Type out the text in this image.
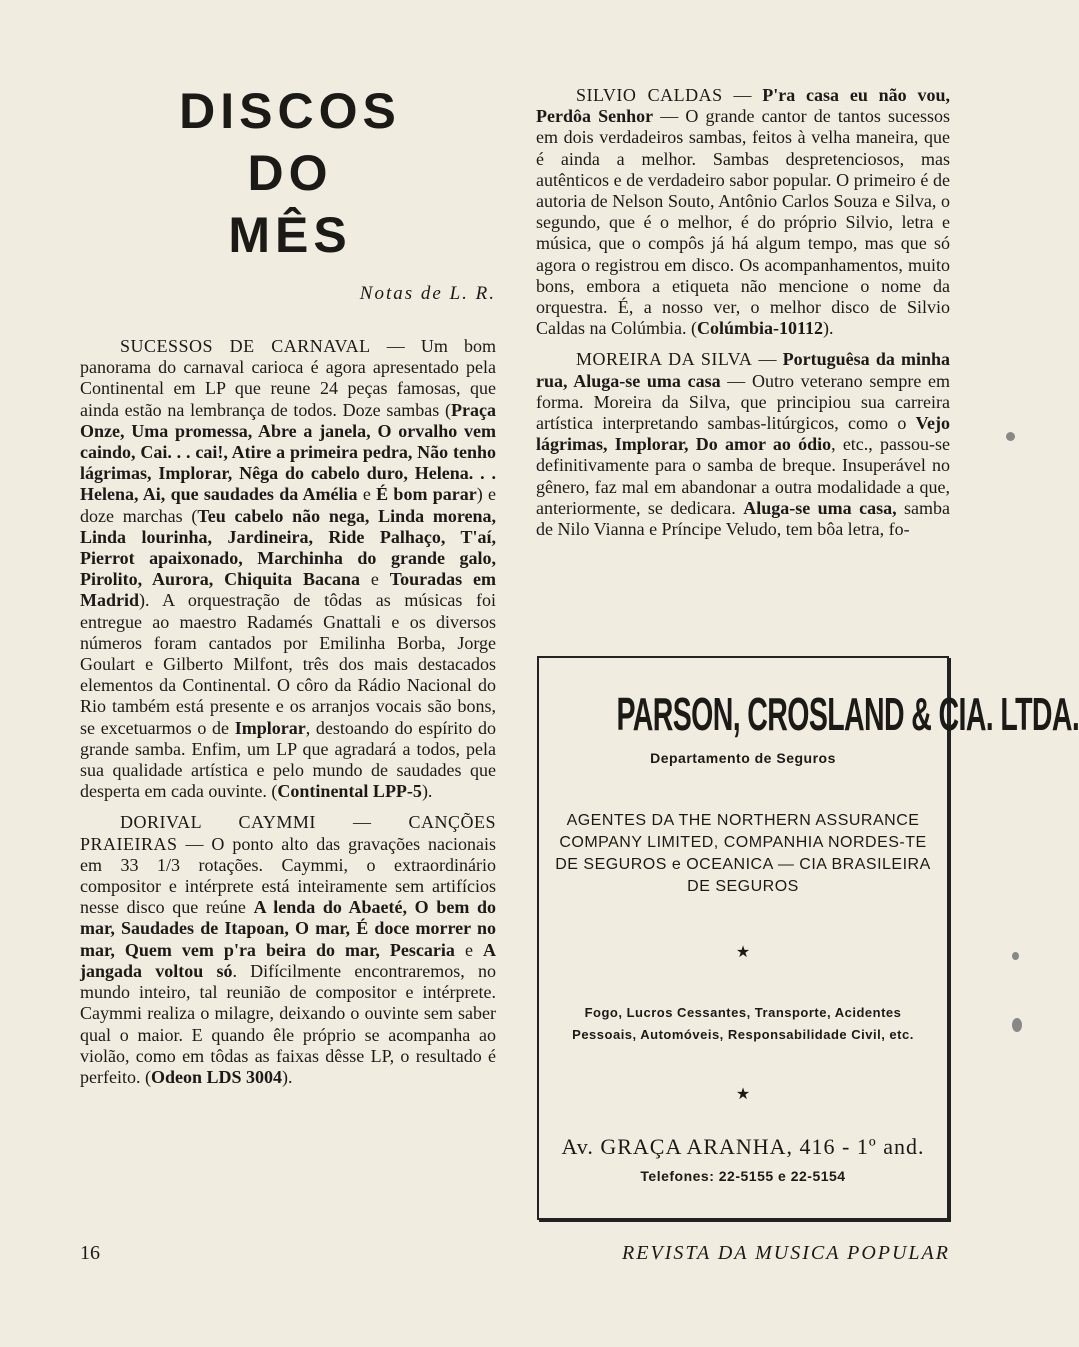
DISCOS
DO
MÊS
Notas de L. R.

SUCESSOS DE CARNAVAL — Um bom panorama do carnaval carioca é agora apresentado pela Continental em LP que reune 24 peças famosas, que ainda estão na lembrança de todos. Doze sambas (Praça Onze, Uma promessa, Abre a janela, O orvalho vem caindo, Cai. . . cai!, Atire a primeira pedra, Não tenho lágrimas, Implorar, Nêga do cabelo duro, Helena. . . Helena, Ai, que saudades da Amélia e É bom parar) e doze marchas (Teu cabelo não nega, Linda morena, Linda lourinha, Jardineira, Ride Palhaço, T'aí, Pierrot apaixonado, Marchinha do grande galo, Pirolito, Aurora, Chiquita Bacana e Touradas em Madrid). A orquestração de tôdas as músicas foi entregue ao maestro Radamés Gnattali e os diversos números foram cantados por Emilinha Borba, Jorge Goulart e Gilberto Milfont, três dos mais destacados elementos da Continental. O côro da Rádio Nacional do Rio também está presente e os arranjos vocais são bons, se excetuarmos o de Implorar, destoando do espírito do grande samba. Enfim, um LP que agradará a todos, pela sua qualidade artística e pelo mundo de saudades que desperta em cada ouvinte. (Continental LPP-5).

DORIVAL CAYMMI — CANÇÕES PRAIEIRAS — O ponto alto das gravações nacionais em 33 1/3 rotações. Caymmi, o extraordinário compositor e intérprete está inteiramente sem artifícios nesse disco que reúne A lenda do Abaeté, O bem do mar, Saudades de Itapoan, O mar, É doce morrer no mar, Quem vem p'ra beira do mar, Pescaria e A jangada voltou só. Difícilmente encontraremos, no mundo inteiro, tal reunião de compositor e intérprete. Caymmi realiza o milagre, deixando o ouvinte sem saber qual o maior. E quando êle próprio se acompanha ao violão, como em tôdas as faixas dêsse LP, o resultado é perfeito. (Odeon LDS 3004).

SILVIO CALDAS — P'ra casa eu não vou, Perdôa Senhor — O grande cantor de tantos sucessos em dois verdadeiros sambas, feitos à velha maneira, que é ainda a melhor. Sambas despretenciosos, mas autênticos e de verdadeiro sabor popular. O primeiro é de autoria de Nelson Souto, Antônio Carlos Souza e Silva, o segundo, que é o melhor, é do próprio Silvio, letra e música, que o compôs já há algum tempo, mas que só agora o registrou em disco. Os acompanhamentos, muito bons, embora a etiqueta não mencione o nome da orquestra. É, a nosso ver, o melhor disco de Silvio Caldas na Colúmbia. (Colúmbia-10112).

MOREIRA DA SILVA — Portuguêsa da minha rua, Aluga-se uma casa — Outro veterano sempre em forma. Moreira da Silva, que principiou sua carreira artística interpretando sambas-litúrgicos, como o Vejo lágrimas, Implorar, Do amor ao ódio, etc., passou-se definitivamente para o samba de breque. Insuperável no gênero, faz mal em abandonar a outra modalidade a que, anteriormente, se dedicara. Aluga-se uma casa, samba de Nilo Vianna e Príncipe Veludo, tem bôa letra, fo-

PARSON, CROSLAND & CIA. LTDA.
Departamento de Seguros
AGENTES DA THE NORTHERN ASSURANCE COMPANY LIMITED, COMPANHIA NORDES-TE DE SEGUROS e OCEANICA — CIA BRASILEIRA DE SEGUROS
★
Fogo, Lucros Cessantes, Transporte, Acidentes Pessoais, Automóveis, Responsabilidade Civil, etc.
★
Av. GRAÇA ARANHA, 416 - 1º and.
Telefones: 22-5155 e 22-5154
16	REVISTA DA MUSICA POPULAR
